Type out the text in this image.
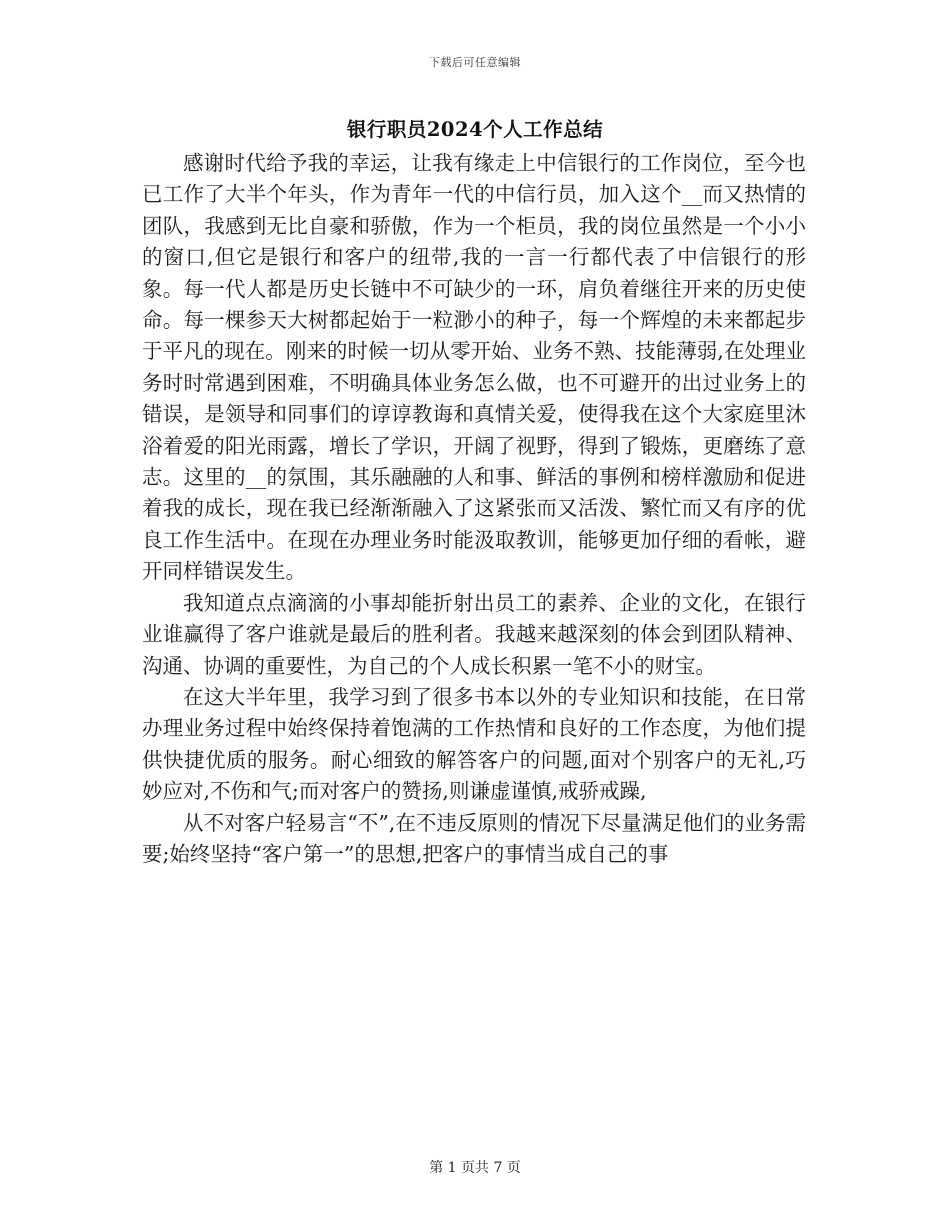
下载后可任意编辑
银行职员2024个人工作总结

感谢时代给予我的幸运，让我有缘走上中信银行的工作岗位，至今也已工作了大半个年头，作为青年一代的中信行员，加入这个__而又热情的团队，我感到无比自豪和骄傲，作为一个柜员，我的岗位虽然是一个小小的窗口,但它是银行和客户的纽带,我的一言一行都代表了中信银行的形象。每一代人都是历史长链中不可缺少的一环，肩负着继往开来的历史使命。每一棵参天大树都起始于一粒渺小的种子，每一个辉煌的未来都起步于平凡的现在。刚来的时候一切从零开始、业务不熟、技能薄弱,在处理业务时时常遇到困难，不明确具体业务怎么做，也不可避开的出过业务上的错误，是领导和同事们的谆谆教诲和真情关爱，使得我在这个大家庭里沐浴着爱的阳光雨露，增长了学识，开阔了视野，得到了锻炼，更磨练了意志。这里的__的氛围，其乐融融的人和事、鲜活的事例和榜样激励和促进着我的成长，现在我已经渐渐融入了这紧张而又活泼、繁忙而又有序的优良工作生活中。在现在办理业务时能汲取教训，能够更加仔细的看帐，避开同样错误发生。

我知道点点滴滴的小事却能折射出员工的素养、企业的文化，在银行业谁赢得了客户谁就是最后的胜利者。我越来越深刻的体会到团队精神、沟通、协调的重要性，为自己的个人成长积累一笔不小的财宝。

在这大半年里，我学习到了很多书本以外的专业知识和技能，在日常办理业务过程中始终保持着饱满的工作热情和良好的工作态度，为他们提供快捷优质的服务。耐心细致的解答客户的问题,面对个别客户的无礼,巧妙应对,不伤和气;而对客户的赞扬,则谦虚谨慎,戒骄戒躁,

从不对客户轻易言“不”,在不违反原则的情况下尽量满足他们的业务需要;始终坚持“客户第一”的思想,把客户的事情当成自己的事

第 1 页共 7 页
